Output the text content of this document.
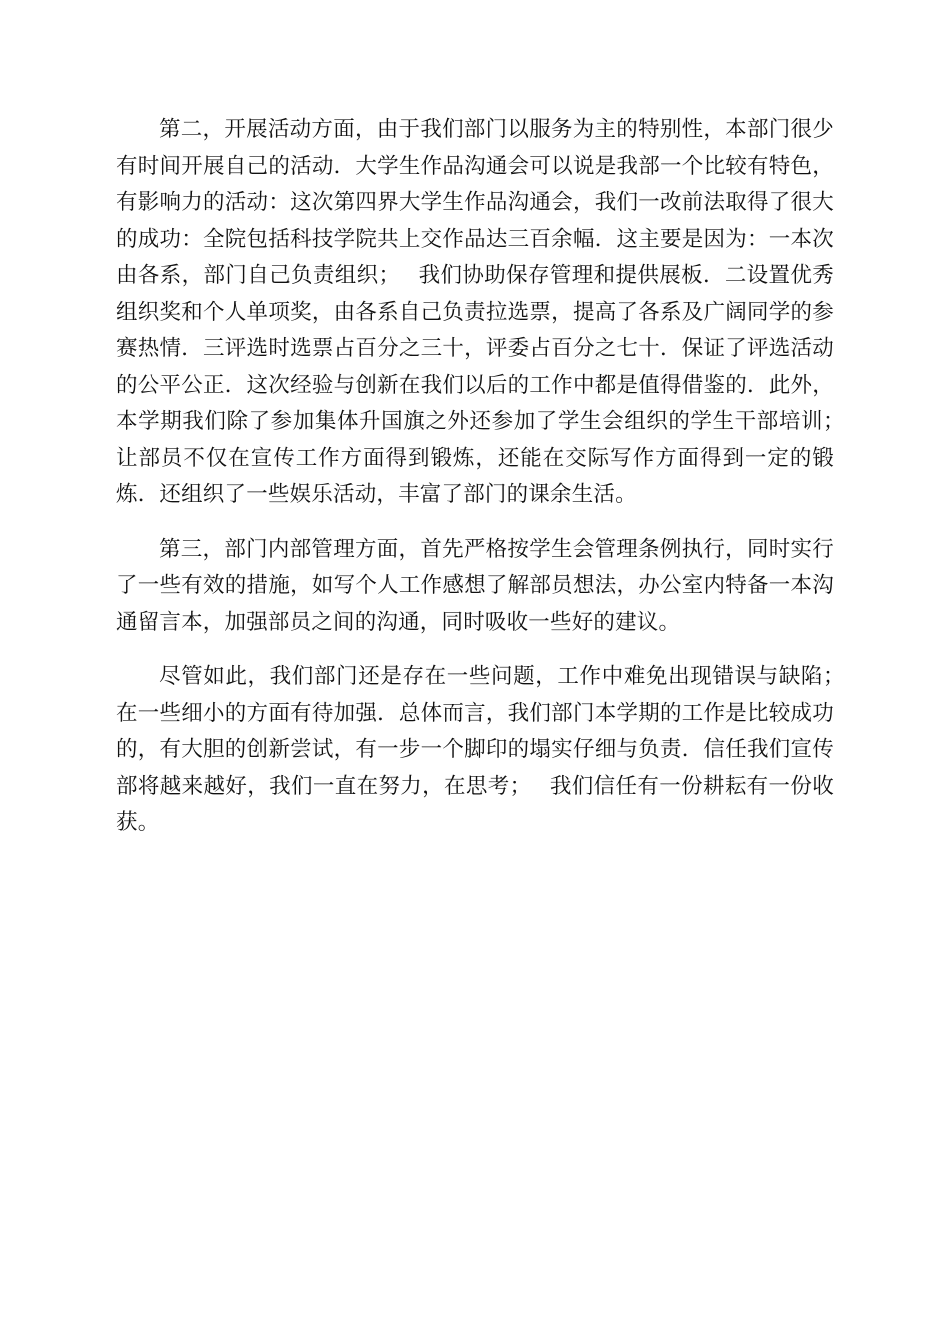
第二，开展活动方面，由于我们部门以服务为主的特别性，本部门很少有时间开展自己的活动．大学生作品沟通会可以说是我部一个比较有特色，有影响力的活动：这次第四界大学生作品沟通会，我们一改前法取得了很大的成功：全院包括科技学院共上交作品达三百余幅．这主要是因为：一本次由各系，部门自己负责组织；　 我们协助保存管理和提供展板．二设置优秀组织奖和个人单项奖，由各系自己负责拉选票，提高了各系及广阔同学的参赛热情．三评选时选票占百分之三十，评委占百分之七十．保证了评选活动的公平公正．这次经验与创新在我们以后的工作中都是值得借鉴的．此外，本学期我们除了参加集体升国旗之外还参加了学生会组织的学生干部培训；　 让部员不仅在宣传工作方面得到锻炼，还能在交际写作方面得到一定的锻炼．还组织了一些娱乐活动，丰富了部门的课余生活。

第三，部门内部管理方面，首先严格按学生会管理条例执行，同时实行了一些有效的措施，如写个人工作感想了解部员想法，办公室内特备一本沟通留言本，加强部员之间的沟通，同时吸收一些好的建议。

尽管如此，我们部门还是存在一些问题，工作中难免出现错误与缺陷；　 在一些细小的方面有待加强．总体而言，我们部门本学期的工作是比较成功的，有大胆的创新尝试，有一步一个脚印的塌实仔细与负责．信任我们宣传部将越来越好，我们一直在努力，在思考；　 我们信任有一份耕耘有一份收获。
